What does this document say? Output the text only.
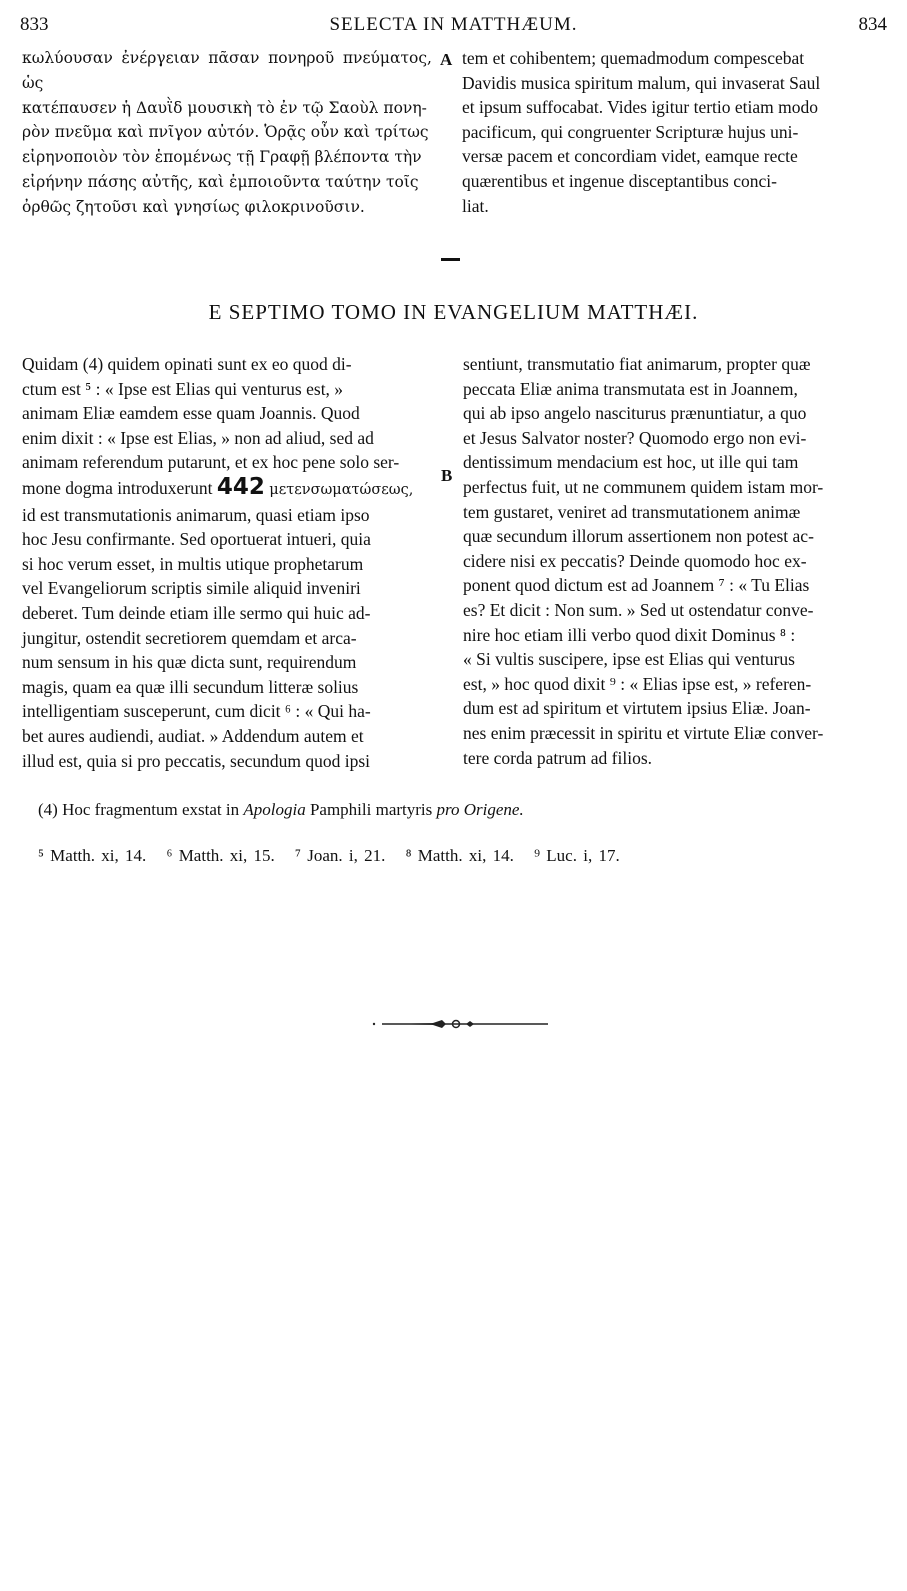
833	SELECTA IN MATTHÆUM.	834

κωλύουσαν ἐνέργειαν πᾶσαν πονηροῦ πνεύματος, ὡς

κατέπαυσεν ἡ Δαυῒδ μουσικὴ τὸ ἐν τῷ Σαοὺλ πονη-

ρὸν πνεῦμα καὶ πνῖγον αὐτόν. Ὁρᾷς οὖν καὶ τρίτως

εἰρηνοποιὸν τὸν ἑπομένως τῇ Γραφῇ βλέποντα τὴν

εἰρήνην πάσης αὐτῆς, καὶ ἐμποιοῦντα ταύτην τοῖς

ὀρθῶς ζητοῦσι καὶ γνησίως φιλοκρινοῦσιν.

A tem et cohibentem; quemadmodum compescebat

Davidis musica spiritum malum, qui invaserat Saul

et ipsum suffocabat. Vides igitur tertio etiam modo

pacificum, qui congruenter Scripturæ hujus uni-

versæ pacem et concordiam videt, eamque recte

quærentibus et ingenue disceptantibus conci-

liat.

E SEPTIMO TOMO IN EVANGELIUM MATTHÆI.

Quidam (4) quidem opinati sunt ex eo quod di-

ctum est ⁵ : « Ipse est Elias qui venturus est, »

animam Eliæ eamdem esse quam Joannis. Quod

enim dixit : « Ipse est Elias, » non ad aliud, sed ad

animam referendum putarunt, et ex hoc pene solo ser-

mone dogma introduxerunt 442 μετενσωματώσεως,

id est transmutationis animarum, quasi etiam ipso

hoc Jesu confirmante. Sed oportuerat intueri, quia

si hoc verum esset, in multis utique prophetarum

vel Evangeliorum scriptis simile aliquid inveniri

deberet. Tum deinde etiam ille sermo qui huic ad-

jungitur, ostendit secretiorem quemdam et arca-

num sensum in his quæ dicta sunt, requirendum

magis, quam ea quæ illi secundum litteræ solius

intelligentiam susceperunt, cum dicit ⁶ : « Qui ha-

bet aures audiendi, audiat. » Addendum autem et

illud est, quia si pro peccatis, secundum quod ipsi

B

sentiunt, transmutatio fiat animarum, propter quæ

peccata Eliæ anima transmutata est in Joannem,

qui ab ipso angelo nasciturus prænuntiatur, a quo

et Jesus Salvator noster? Quomodo ergo non evi-

dentissimum mendacium est hoc, ut ille qui tam

perfectus fuit, ut ne communem quidem istam mor-

tem gustaret, veniret ad transmutationem animæ

quæ secundum illorum assertionem non potest ac-

cidere nisi ex peccatis? Deinde quomodo hoc ex-

ponent quod dictum est ad Joannem ⁷ : « Tu Elias

es? Et dicit : Non sum. » Sed ut ostendatur conve-

nire hoc etiam illi verbo quod dixit Dominus ⁸ :

« Si vultis suscipere, ipse est Elias qui venturus

est, » hoc quod dixit ⁹ : « Elias ipse est, » referen-

dum est ad spiritum et virtutem ipsius Eliæ. Joan-

nes enim præcessit in spiritu et virtute Eliæ conver-

tere corda patrum ad filios.

(4) Hoc fragmentum exstat in Apologia Pamphili martyris pro Origene.
⁵ Matth. xi, 14. ⁶ Matth. xi, 15. ⁷ Joan. i, 21. ⁸ Matth. xi, 14. ⁹ Luc. i, 17.
